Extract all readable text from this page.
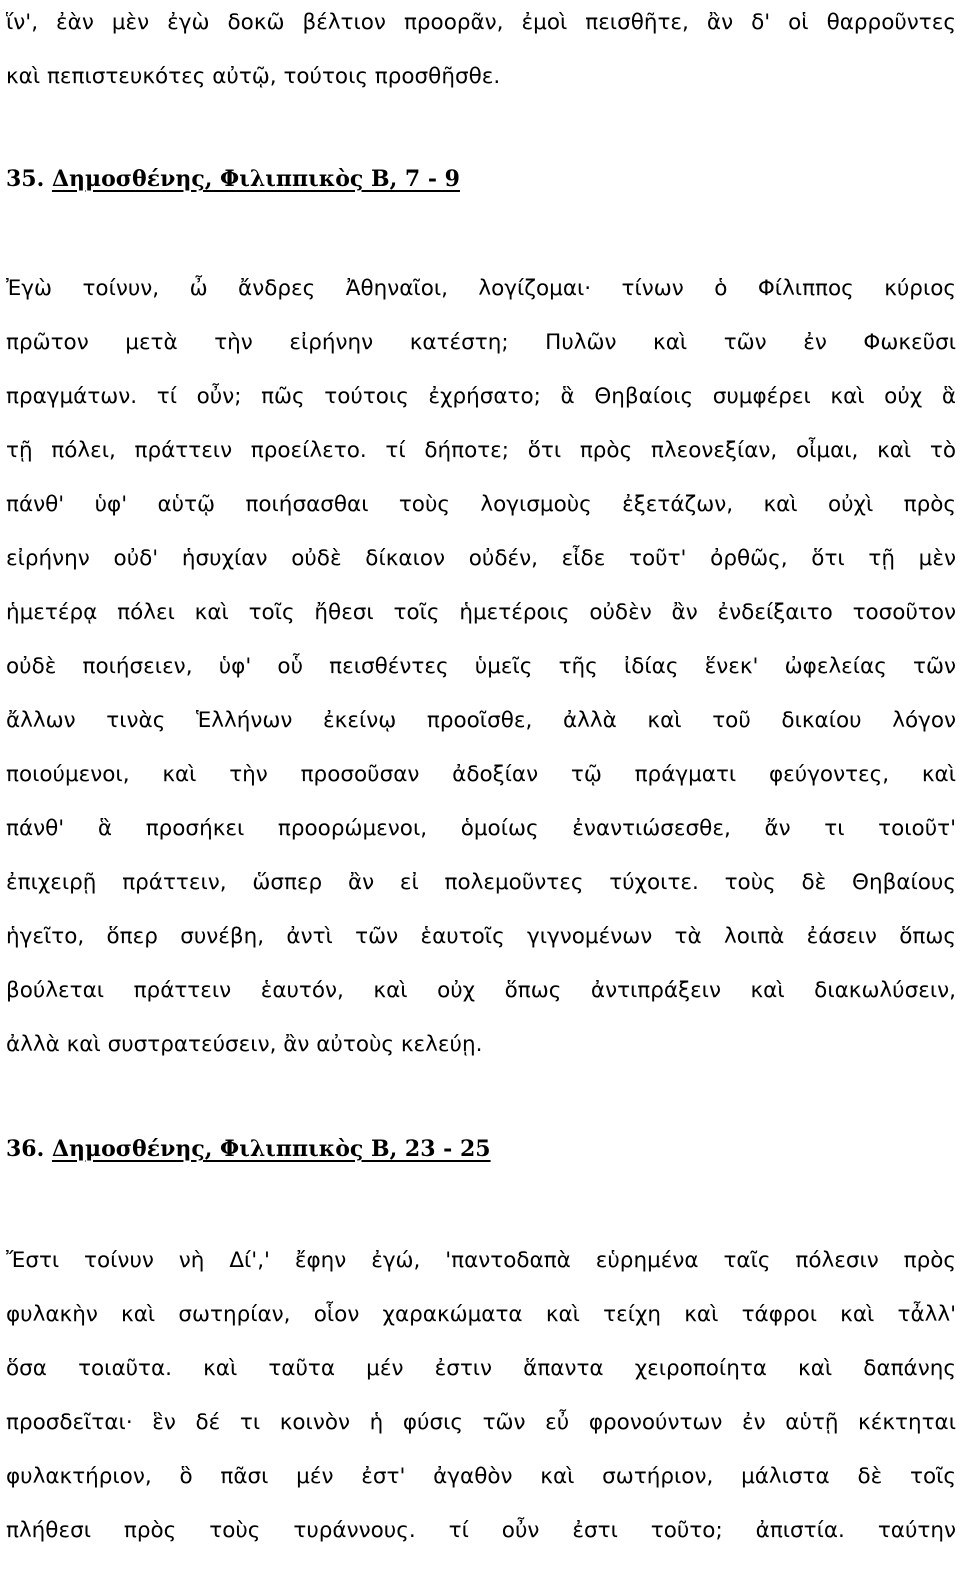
ἵν', ἐὰν μὲν ἐγὼ δοκῶ βέλτιον προορᾶν, ἐμοὶ πεισθῆτε, ἂν δ' οἱ θαρροῦντες
καὶ πεπιστευκότες αὐτῷ, τούτοις προσθῆσθε.
35. Δημοσθένης, Φιλιππικὸς Β, 7 - 9
Ἐγὼ τοίνυν, ὦ ἄνδρες Ἀθηναῖοι, λογίζομαι· τίνων ὁ Φίλιππος κύριος
πρῶτον μετὰ τὴν εἰρήνην κατέστη; Πυλῶν καὶ τῶν ἐν Φωκεῦσι
πραγμάτων. τί οὖν; πῶς τούτοις ἐχρήσατο; ἃ Θηβαίοις συμφέρει καὶ οὐχ ἃ
τῇ πόλει, πράττειν προείλετο. τί δήποτε; ὅτι πρὸς πλεονεξίαν, οἶμαι, καὶ τὸ
πάνθ' ὑφ' αὑτῷ ποιήσασθαι τοὺς λογισμοὺς ἐξετάζων, καὶ οὐχὶ πρὸς
εἰρήνην οὐδ' ἡσυχίαν οὐδὲ δίκαιον οὐδέν, εἶδε τοῦτ' ὀρθῶς, ὅτι τῇ μὲν
ἡμετέρᾳ πόλει καὶ τοῖς ἤθεσι τοῖς ἡμετέροις οὐδὲν ἂν ἐνδείξαιτο τοσοῦτον
οὐδὲ ποιήσειεν, ὑφ' οὗ πεισθέντες ὑμεῖς τῆς ἰδίας ἕνεκ' ὠφελείας τῶν
ἄλλων τινὰς Ἑλλήνων ἐκείνῳ προοῖσθε, ἀλλὰ καὶ τοῦ δικαίου λόγον
ποιούμενοι, καὶ τὴν προσοῦσαν ἀδοξίαν τῷ πράγματι φεύγοντες, καὶ
πάνθ' ἃ προσήκει προορώμενοι, ὁμοίως ἐναντιώσεσθε, ἄν τι τοιοῦτ'
ἐπιχειρῇ πράττειν, ὥσπερ ἂν εἰ πολεμοῦντες τύχοιτε. τοὺς δὲ Θηβαίους
ἡγεῖτο, ὅπερ συνέβη, ἀντὶ τῶν ἑαυτοῖς γιγνομένων τὰ λοιπὰ ἐάσειν ὅπως
βούλεται πράττειν ἑαυτόν, καὶ οὐχ ὅπως ἀντιπράξειν καὶ διακωλύσειν,
ἀλλὰ καὶ συστρατεύσειν, ἂν αὐτοὺς κελεύῃ.
36. Δημοσθένης, Φιλιππικὸς Β, 23 - 25
Ἔστι τοίνυν νὴ Δί',' ἔφην ἐγώ, 'παντοδαπὰ εὑρημένα ταῖς πόλεσιν πρὸς
φυλακὴν καὶ σωτηρίαν, οἷον χαρακώματα καὶ τείχη καὶ τάφροι καὶ τἆλλ'
ὅσα τοιαῦτα. καὶ ταῦτα μέν ἐστιν ἅπαντα χειροποίητα καὶ δαπάνης
προσδεῖται· ἓν δέ τι κοινὸν ἡ φύσις τῶν εὖ φρονούντων ἐν αὑτῇ κέκτηται
φυλακτήριον, ὃ πᾶσι μέν ἐστ' ἀγαθὸν καὶ σωτήριον, μάλιστα δὲ τοῖς
πλήθεσι πρὸς τοὺς τυράννους. τί οὖν ἐστι τοῦτο; ἀπιστία. ταύτην
